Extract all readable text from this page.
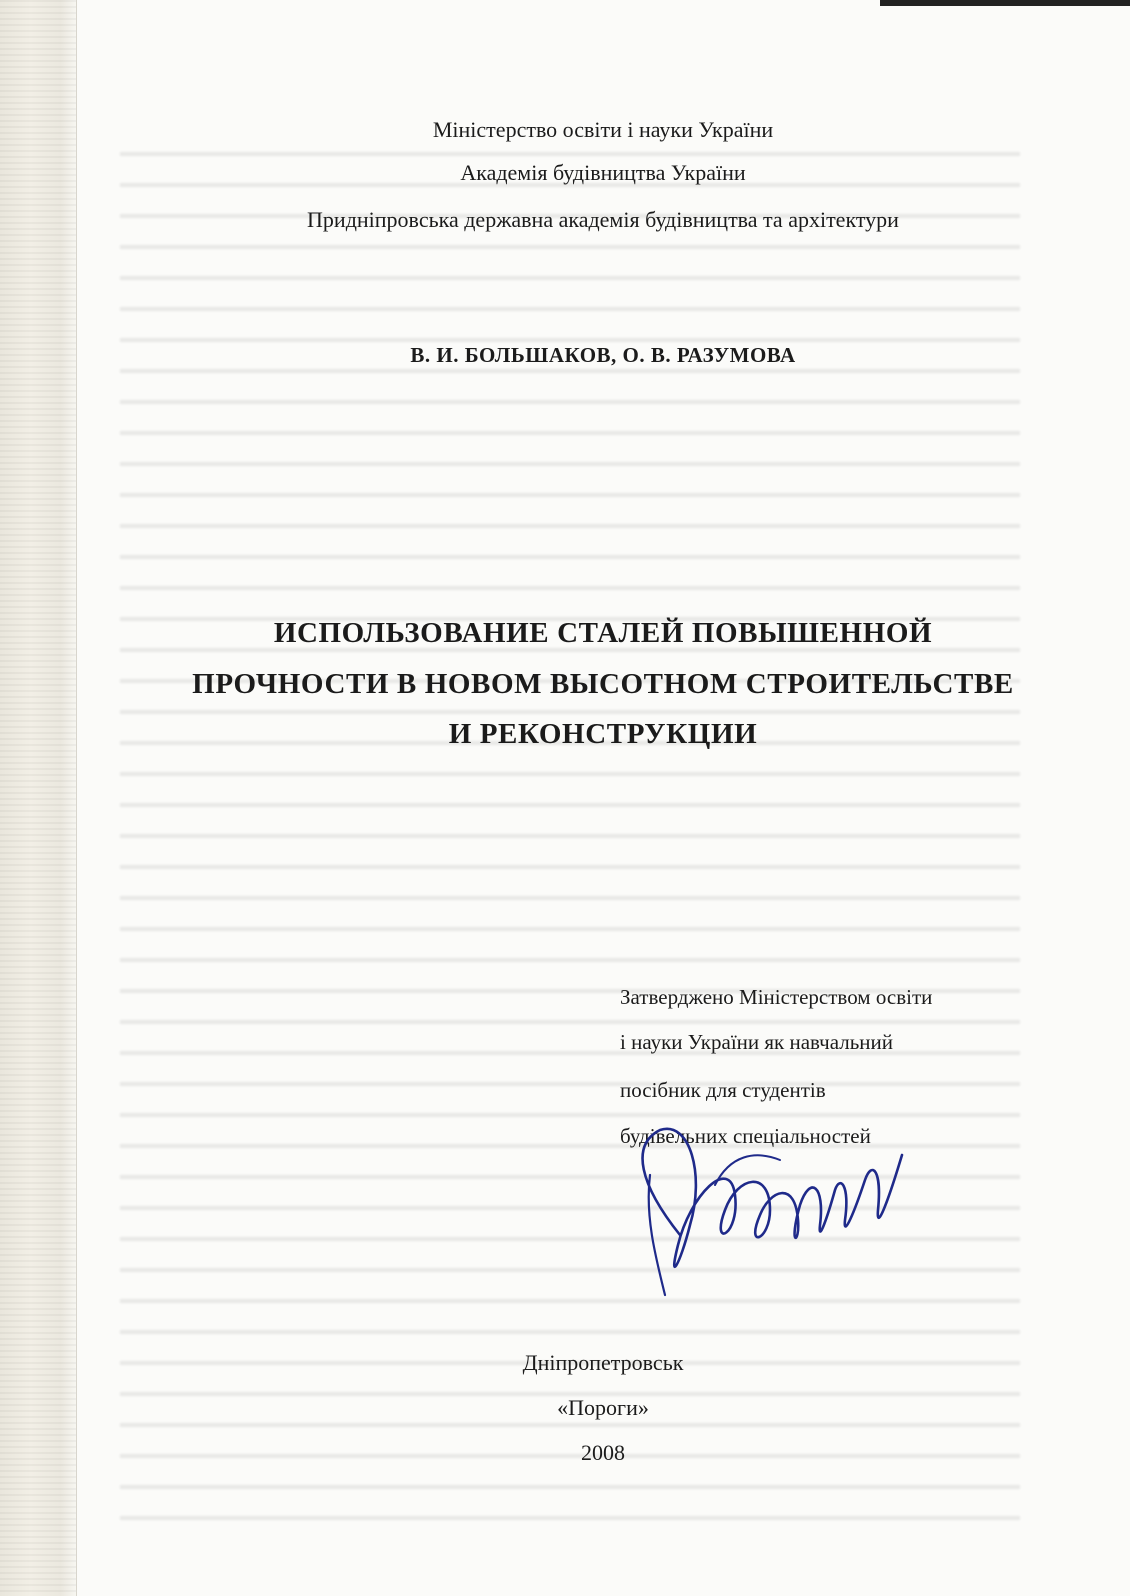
Міністерство освіти і науки України
Академія будівництва України
Придніпровська державна академія будівництва та архітектури
В. И. БОЛЬШАКОВ, О. В. РАЗУМОВА
ИСПОЛЬЗОВАНИЕ СТАЛЕЙ ПОВЫШЕННОЙ
ПРОЧНОСТИ В НОВОМ ВЫСОТНОМ СТРОИТЕЛЬСТВЕ
И РЕКОНСТРУКЦИИ
Затверджено Міністерством освіти
і науки України як навчальний
посібник для студентів
будівельних спеціальностей
Дніпропетровськ
«Пороги»
2008
